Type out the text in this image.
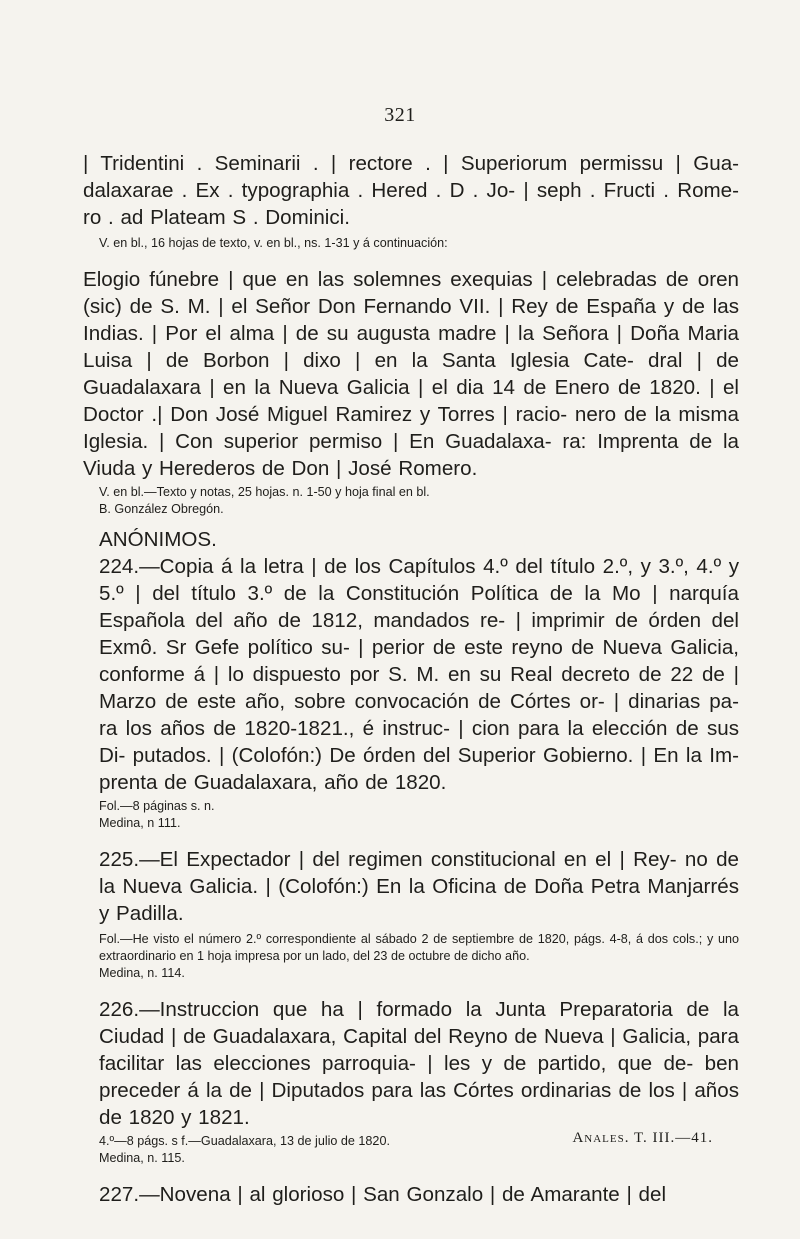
321

| Tridentini . Seminarii . | rectore . | Superiorum permissu | Gua- dalaxarae . Ex . typographia . Hered . D . Jo- | seph . Fructi . Rome- ro . ad Plateam S . Dominici.

V. en bl., 16 hojas de texto, v. en bl., ns. 1-31 y á continuación:

Elogio fúnebre | que en las solemnes exequias | celebradas de oren (sic) de S. M. | el Señor Don Fernando VII. | Rey de España y de las Indias. | Por el alma | de su augusta madre | la Señora | Doña Maria Luisa | de Borbon | dixo | en la Santa Iglesia Cate- dral | de Guadalaxara | en la Nueva Galicia | el dia 14 de Enero de 1820. | el Doctor .| Don José Miguel Ramirez y Torres | racio- nero de la misma Iglesia. | Con superior permiso | En Guadalaxa- ra: Imprenta de la Viuda y Herederos de Don | José Romero.

V. en bl.—Texto y notas, 25 hojas. n. 1-50 y hoja final en bl.

B. González Obregón.

ANÓNIMOS.

224.—Copia á la letra | de los Capítulos 4.º del título 2.º, y 3.º, 4.º y 5.º | del título 3.º de la Constitución Política de la Mo | narquía Española del año de 1812, mandados re- | imprimir de órden del Exmô. Sr Gefe político su- | perior de este reyno de Nueva Galicia, conforme á | lo dispuesto por S. M. en su Real decreto de 22 de | Marzo de este año, sobre convocación de Córtes or- | dinarias pa- ra los años de 1820-1821., é instruc- | cion para la elección de sus Di- putados. | (Colofón:) De órden del Superior Gobierno. | En la Im- prenta de Guadalaxara, año de 1820.

Fol.—8 páginas s. n.

Medina, n 111.

225.—El Expectador | del regimen constitucional en el | Rey- no de la Nueva Galicia. | (Colofón:) En la Oficina de Doña Petra Manjarrés y Padilla.

Fol.—He visto el número 2.º correspondiente al sábado 2 de septiembre de 1820, págs. 4-8, á dos cols.; y uno extraordinario en 1 hoja impresa por un lado, del 23 de octubre de dicho año.

Medina, n. 114.

226.—Instruccion que ha | formado la Junta Preparatoria de la Ciudad | de Guadalaxara, Capital del Reyno de Nueva | Galicia, para facilitar las elecciones parroquia- | les y de partido, que de- ben preceder á la de | Diputados para las Córtes ordinarias de los | años de 1820 y 1821.

4.º—8 págs. s f.—Guadalaxara, 13 de julio de 1820.

Medina, n. 115.

227.—Novena | al glorioso | San Gonzalo | de Amarante | del

Anales. T. III.—41.
